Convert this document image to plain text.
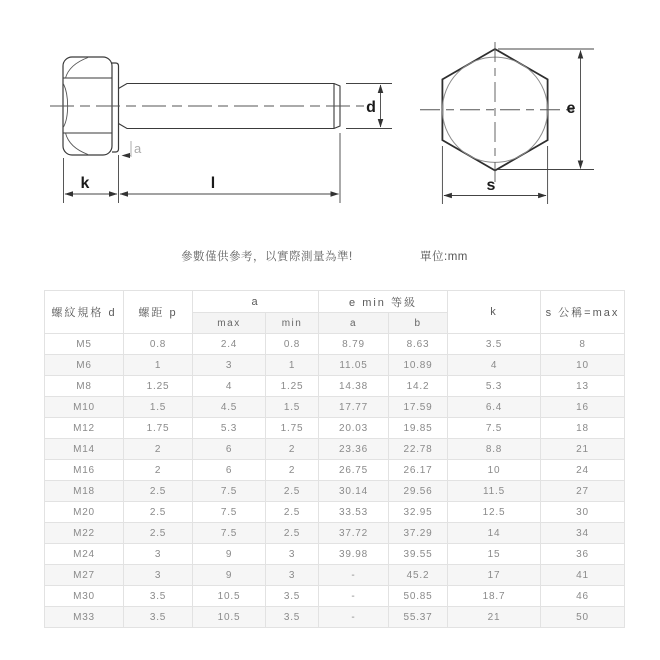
k	l
d
a
e
s
參數僅供參考，以實際測量為準!	單位:mm
螺紋規格 d	螺距 p	a		e min 等級		k	s 公稱=max
		max	min	a	b		
M5	0.8	2.4	0.8	8.79	8.63	3.5	8
M6	1	3	1	11.05	10.89	4	10
M8	1.25	4	1.25	14.38	14.2	5.3	13
M10	1.5	4.5	1.5	17.77	17.59	6.4	16
M12	1.75	5.3	1.75	20.03	19.85	7.5	18
M14	2	6	2	23.36	22.78	8.8	21
M16	2	6	2	26.75	26.17	10	24
M18	2.5	7.5	2.5	30.14	29.56	11.5	27
M20	2.5	7.5	2.5	33.53	32.95	12.5	30
M22	2.5	7.5	2.5	37.72	37.29	14	34
M24	3	9	3	39.98	39.55	15	36
M27	3	9	3	-	45.2	17	41
M30	3.5	10.5	3.5	-	50.85	18.7	46
M33	3.5	10.5	3.5	-	55.37	21	50
